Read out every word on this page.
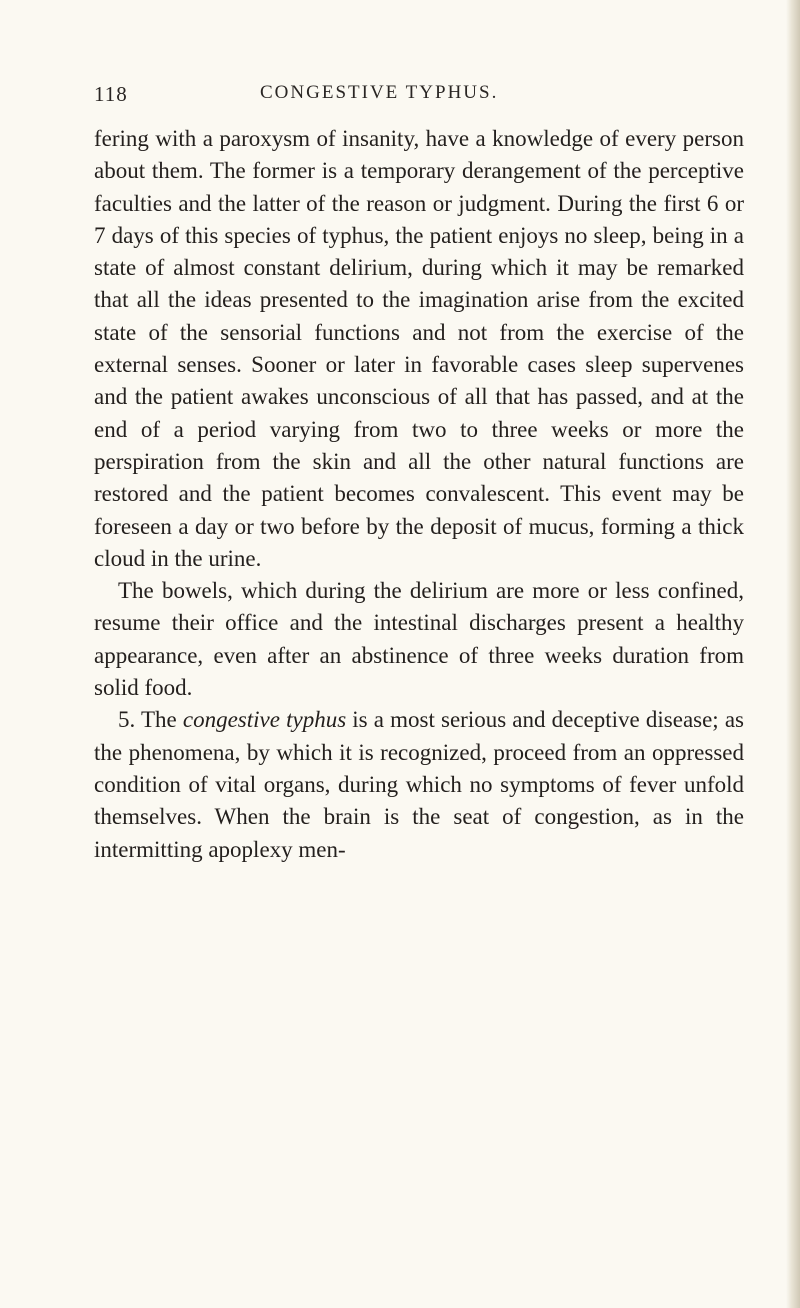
118	CONGESTIVE TYPHUS.

fering with a paroxysm of insanity, have a knowledge of every person about them. The former is a temporary derangement of the perceptive faculties and the latter of the reason or judgment. During the first 6 or 7 days of this species of typhus, the patient enjoys no sleep, being in a state of almost constant delirium, during which it may be remarked that all the ideas presented to the imagination arise from the excited state of the sensorial functions and not from the exercise of the external senses. Sooner or later in favorable cases sleep supervenes and the patient awakes unconscious of all that has passed, and at the end of a period varying from two to three weeks or more the perspiration from the skin and all the other natural functions are restored and the patient becomes convalescent. This event may be foreseen a day or two before by the deposit of mucus, forming a thick cloud in the urine.

The bowels, which during the delirium are more or less confined, resume their office and the intestinal discharges present a healthy appearance, even after an abstinence of three weeks duration from solid food.

5. The congestive typhus is a most serious and deceptive disease; as the phenomena, by which it is recognized, proceed from an oppressed condition of vital organs, during which no symptoms of fever unfold themselves. When the brain is the seat of congestion, as in the intermitting apoplexy men-
